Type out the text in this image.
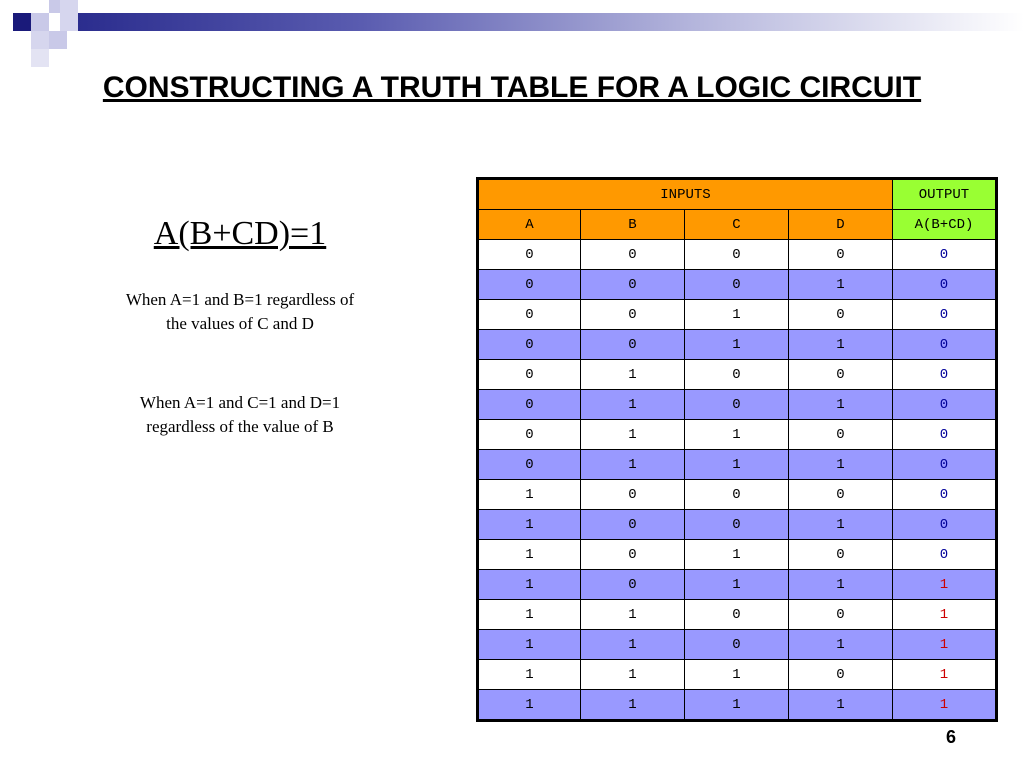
CONSTRUCTING A TRUTH TABLE FOR A LOGIC CIRCUIT
A(B+CD)=1
When A=1 and B=1 regardless of the values of C and D
When A=1 and C=1 and D=1 regardless of the value of B
INPUTS				OUTPUT
A	B	C	D	A(B+CD)
0	0	0	0	0
0	0	0	1	0
0	0	1	0	0
0	0	1	1	0
0	1	0	0	0
0	1	0	1	0
0	1	1	0	0
0	1	1	1	0
1	0	0	0	0
1	0	0	1	0
1	0	1	0	0
1	0	1	1	1
1	1	0	0	1
1	1	0	1	1
1	1	1	0	1
1	1	1	1	1
6
